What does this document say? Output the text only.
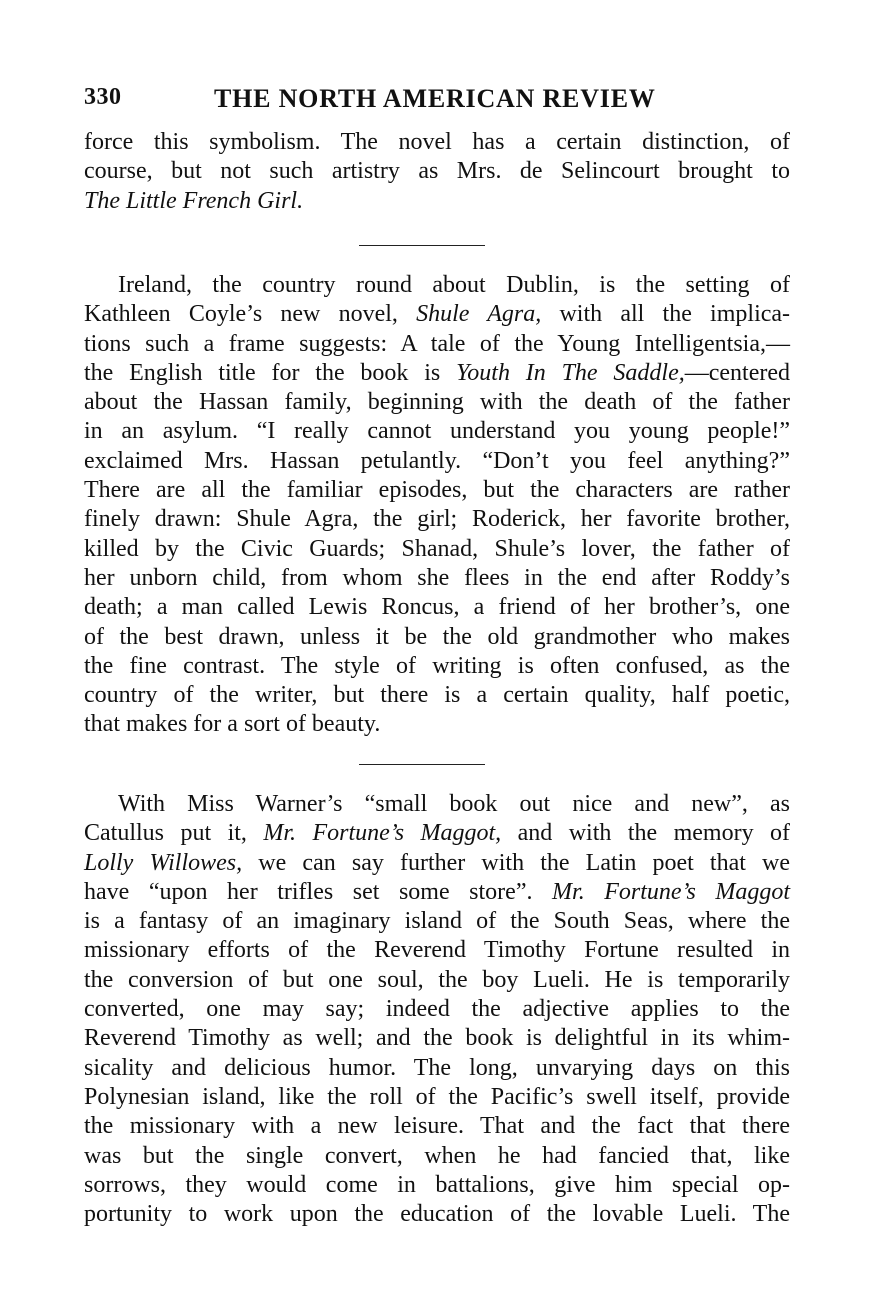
330	THE NORTH AMERICAN REVIEW

force this symbolism. The novel has a certain distinction, of
course, but not such artistry as Mrs. de Selincourt brought to
The Little French Girl.

Ireland, the country round about Dublin, is the setting of
Kathleen Coyle’s new novel, Shule Agra, with all the implica-
tions such a frame suggests: A tale of the Young Intelligentsia,—
the English title for the book is Youth In The Saddle,—centered
about the Hassan family, beginning with the death of the father
in an asylum. “I really cannot understand you young people!”
exclaimed Mrs. Hassan petulantly. “Don’t you feel anything?”
There are all the familiar episodes, but the characters are rather
finely drawn: Shule Agra, the girl; Roderick, her favorite brother,
killed by the Civic Guards; Shanad, Shule’s lover, the father of
her unborn child, from whom she flees in the end after Roddy’s
death; a man called Lewis Roncus, a friend of her brother’s, one
of the best drawn, unless it be the old grandmother who makes
the fine contrast. The style of writing is often confused, as the
country of the writer, but there is a certain quality, half poetic,
that makes for a sort of beauty.

With Miss Warner’s “small book out nice and new”, as
Catullus put it, Mr. Fortune’s Maggot, and with the memory of
Lolly Willowes, we can say further with the Latin poet that we
have “upon her trifles set some store”. Mr. Fortune’s Maggot
is a fantasy of an imaginary island of the South Seas, where the
missionary efforts of the Reverend Timothy Fortune resulted in
the conversion of but one soul, the boy Lueli. He is temporarily
converted, one may say; indeed the adjective applies to the
Reverend Timothy as well; and the book is delightful in its whim-
sicality and delicious humor. The long, unvarying days on this
Polynesian island, like the roll of the Pacific’s swell itself, provide
the missionary with a new leisure. That and the fact that there
was but the single convert, when he had fancied that, like
sorrows, they would come in battalions, give him special op-
portunity to work upon the education of the lovable Lueli. The
